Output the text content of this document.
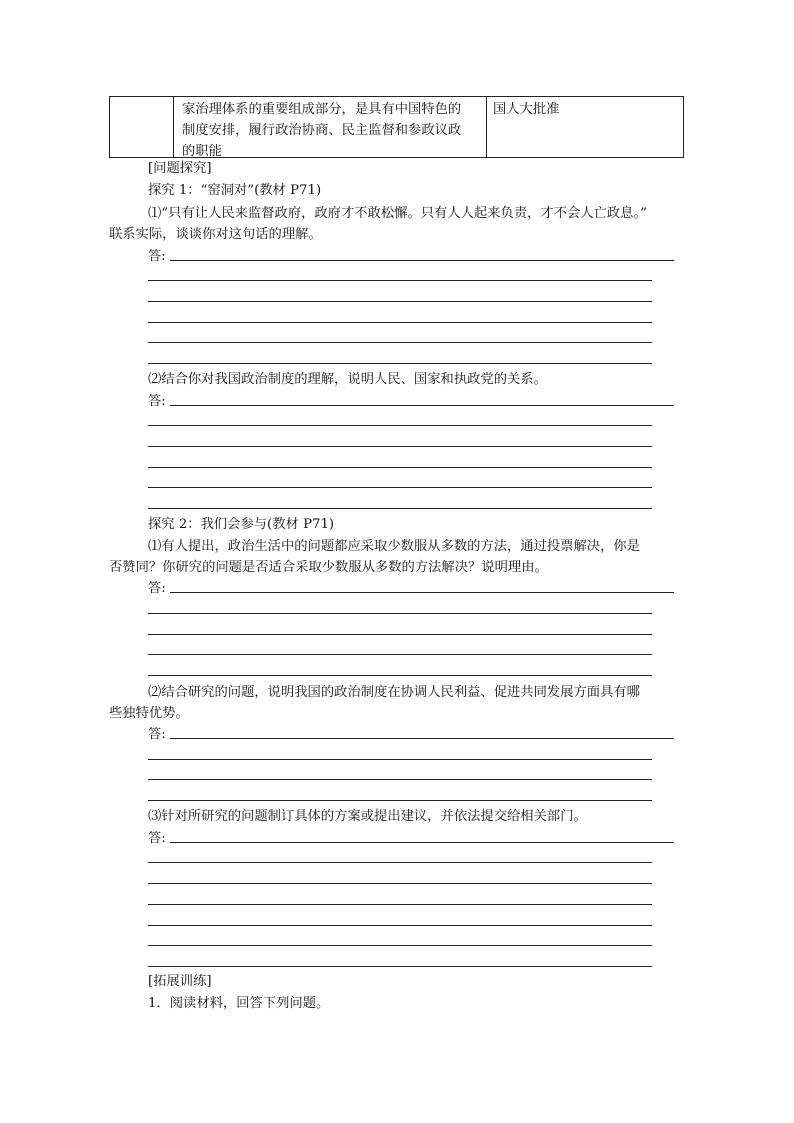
家治理体系的重要组成部分，是具有中国特色的
制度安排，履行政治协商、民主监督和参政议政
的职能
国人大批准
[问题探究]
探究 1：“窑洞对”(教材 P71)
⑴“只有让人民来监督政府，政府才不敢松懈。只有人人起来负责，才不会人亡政息。”
联系实际，谈谈你对这句话的理解。
答:
⑵结合你对我国政治制度的理解，说明人民、国家和执政党的关系。
答:
探究 2：我们会参与(教材 P71)
⑴有人提出，政治生活中的问题都应采取少数服从多数的方法，通过投票解决，你是
否赞同？你研究的问题是否适合采取少数服从多数的方法解决？说明理由。
答:
⑵结合研究的问题，说明我国的政治制度在协调人民利益、促进共同发展方面具有哪
些独特优势。
答:
⑶针对所研究的问题制订具体的方案或提出建议，并依法提交给相关部门。
答:
[拓展训练]
1．阅读材料，回答下列问题。
